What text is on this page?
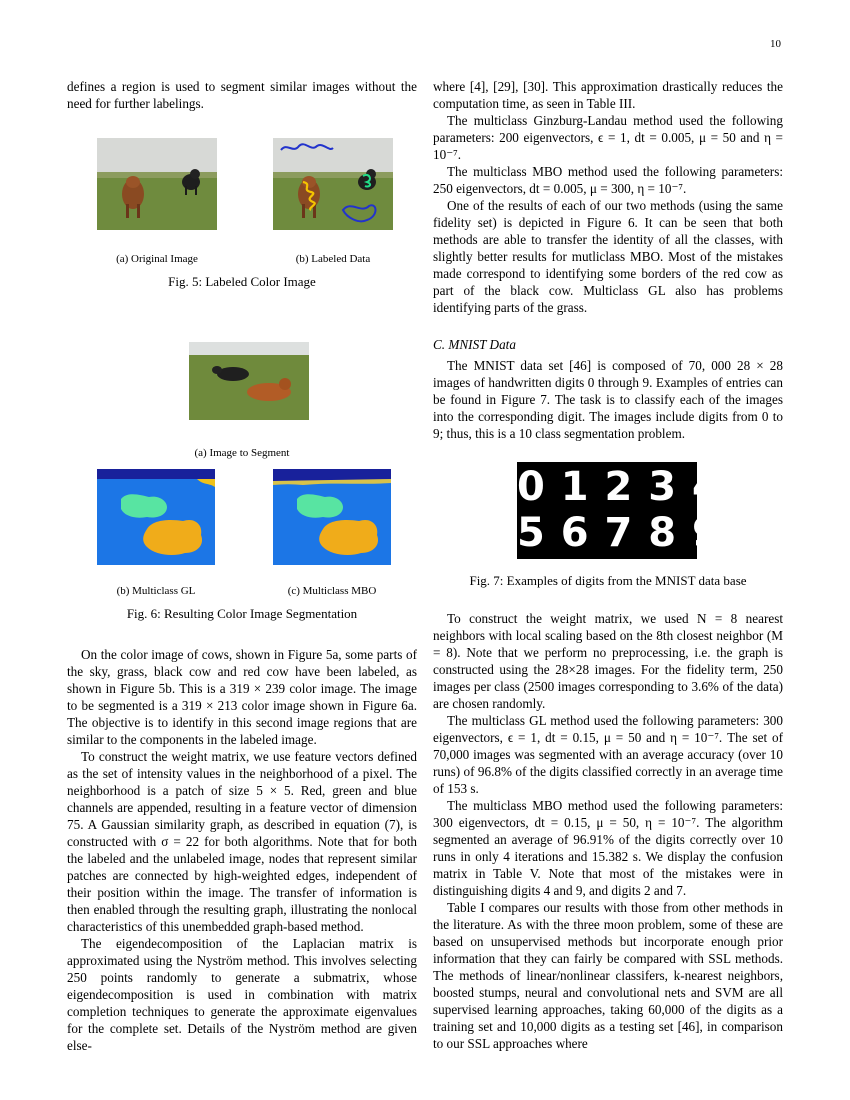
10

defines a region is used to segment similar images without the need for further labelings.

(a) Original Image	(b) Labeled Data
Fig. 5: Labeled Color Image
(a) Image to Segment
(b) Multiclass GL	(c) Multiclass MBO
Fig. 6: Resulting Color Image Segmentation

On the color image of cows, shown in Figure 5a, some parts of the sky, grass, black cow and red cow have been labeled, as shown in Figure 5b. This is a 319 × 239 color image. The image to be segmented is a 319 × 213 color image shown in Figure 6a. The objective is to identify in this second image regions that are similar to the components in the labeled image.

To construct the weight matrix, we use feature vectors defined as the set of intensity values in the neighborhood of a pixel. The neighborhood is a patch of size 5 × 5. Red, green and blue channels are appended, resulting in a feature vector of dimension 75. A Gaussian similarity graph, as described in equation (7), is constructed with σ = 22 for both algorithms. Note that for both the labeled and the unlabeled image, nodes that represent similar patches are connected by high-weighted edges, independent of their position within the image. The transfer of information is then enabled through the resulting graph, illustrating the nonlocal characteristics of this unembedded graph-based method.

The eigendecomposition of the Laplacian matrix is approximated using the Nyström method. This involves selecting 250 points randomly to generate a submatrix, whose eigendecomposition is used in combination with matrix completion techniques to generate the approximate eigenvalues for the complete set. Details of the Nyström method are given else-

where [4], [29], [30]. This approximation drastically reduces the computation time, as seen in Table III.

The multiclass Ginzburg-Landau method used the following parameters: 200 eigenvectors, ϵ = 1, dt = 0.005, μ = 50 and η = 10⁻⁷.

The multiclass MBO method used the following parameters: 250 eigenvectors, dt = 0.005, μ = 300, η = 10⁻⁷.

One of the results of each of our two methods (using the same fidelity set) is depicted in Figure 6. It can be seen that both methods are able to transfer the identity of all the classes, with slightly better results for mutliclass MBO. Most of the mistakes made correspond to identifying some borders of the red cow as part of the black cow. Multiclass GL also has problems identifying parts of the grass.

C. MNIST Data

The MNIST data set [46] is composed of 70, 000 28 × 28 images of handwritten digits 0 through 9. Examples of entries can be found in Figure 7. The task is to classify each of the images into the corresponding digit. The images include digits from 0 to 9; thus, this is a 10 class segmentation problem.

0 1 2 3 4
5 6 7 8 9
Fig. 7: Examples of digits from the MNIST data base

To construct the weight matrix, we used N = 8 nearest neighbors with local scaling based on the 8th closest neighbor (M = 8). Note that we perform no preprocessing, i.e. the graph is constructed using the 28×28 images. For the fidelity term, 250 images per class (2500 images corresponding to 3.6% of the data) are chosen randomly.

The multiclass GL method used the following parameters: 300 eigenvectors, ϵ = 1, dt = 0.15, μ = 50 and η = 10⁻⁷. The set of 70,000 images was segmented with an average accuracy (over 10 runs) of 96.8% of the digits classified correctly in an average time of 153 s.

The multiclass MBO method used the following parameters: 300 eigenvectors, dt = 0.15, μ = 50, η = 10⁻⁷. The algorithm segmented an average of 96.91% of the digits correctly over 10 runs in only 4 iterations and 15.382 s. We display the confusion matrix in Table V. Note that most of the mistakes were in distinguishing digits 4 and 9, and digits 2 and 7.

Table I compares our results with those from other methods in the literature. As with the three moon problem, some of these are based on unsupervised methods but incorporate enough prior information that they can fairly be compared with SSL methods. The methods of linear/nonlinear classifers, k-nearest neighbors, boosted stumps, neural and convolutional nets and SVM are all supervised learning approaches, taking 60,000 of the digits as a training set and 10,000 digits as a testing set [46], in comparison to our SSL approaches where
